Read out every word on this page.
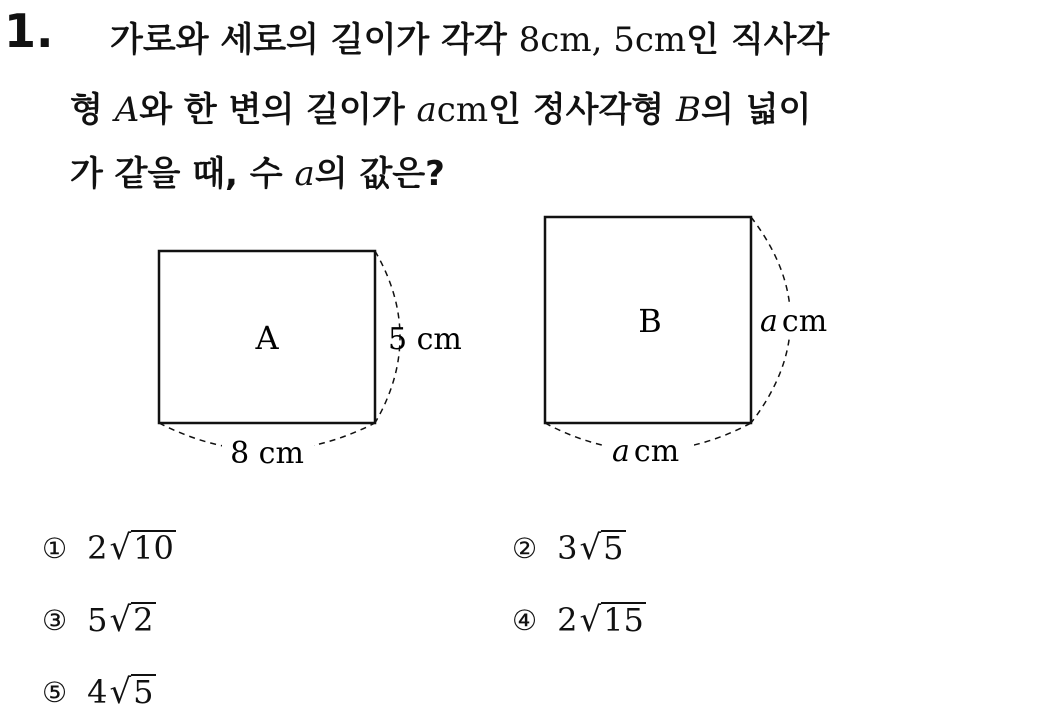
1. 가로와 세로의 길이가 각각 8cm, 5cm인 직사각
형 A와 한 변의 길이가 acm인 정사각형 B의 넓이
가 같을 때, 수 a의 값은?
A	5 cm
8 cm
B	a cm
a cm
① 2 √ 10	② 3 √ 5
③ 5 √ 2	④ 2 √ 15
⑤ 4 √ 5
